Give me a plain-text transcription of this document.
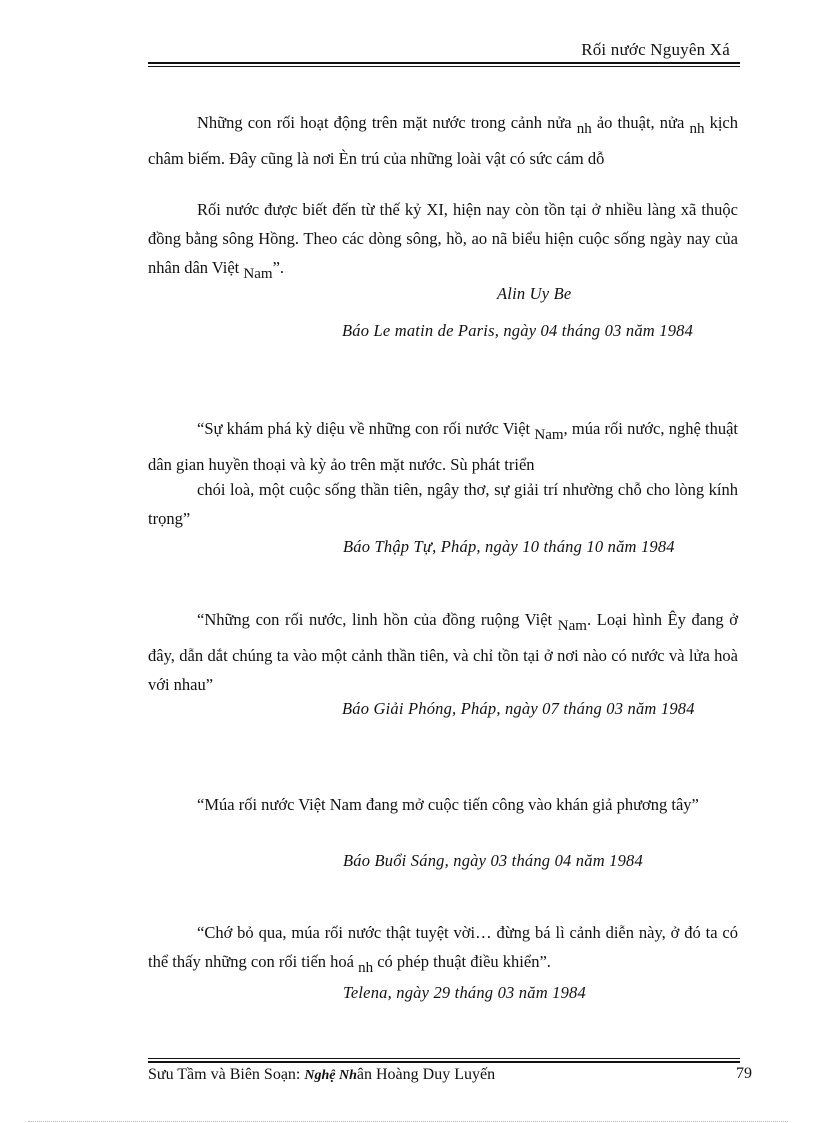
Rối nước Nguyên Xá

Những con rối hoạt động trên mặt nước trong cảnh nửa nh ảo thuật, nửa nh kịch châm biếm. Đây cũng là nơi Èn trú của những loài vật có sức cám dỗ

Rối nước được biết đến từ thế kỷ XI, hiện nay còn tồn tại ở nhiều làng xã thuộc đồng bằng sông Hồng. Theo các dòng sông, hồ, ao nã biểu hiện cuộc sống ngày nay của nhân dân Việt Nam”.

Alin Uy Be

Báo Le matin de Paris, ngày 04 tháng 03 năm 1984

“Sự khám phá kỳ diệu về những con rối nước Việt Nam, múa rối nước, nghệ thuật dân gian huyền thoại và kỳ ảo trên mặt nước. Sù phát triển

chói loà, một cuộc sống thần tiên, ngây thơ, sự giải trí nhường chỗ cho lòng kính trọng”

Báo Thập Tự, Pháp, ngày 10 tháng 10 năm 1984

“Những con rối nước, linh hồn của đồng ruộng Việt Nam. Loại hình Êy đang ở đây, dẫn dắt chúng ta vào một cảnh thần tiên, và chỉ tồn tại ở nơi nào có nước và lửa hoà với nhau”

Báo Giải Phóng, Pháp, ngày 07 tháng 03 năm 1984

“Múa rối nước Việt Nam đang mở cuộc tiến công vào khán giả phương tây”

Báo Buổi Sáng, ngày 03 tháng 04 năm 1984

“Chớ bỏ qua, múa rối nước thật tuyệt vời… đừng bá lì cảnh diễn này, ở đó ta có thể thấy những con rối tiến hoá nh có phép thuật điều khiển”.

Telena, ngày 29 tháng 03 năm 1984

Sưu Tầm và Biên Soạn: Nghệ Nhân Hoàng Duy Luyến	79
